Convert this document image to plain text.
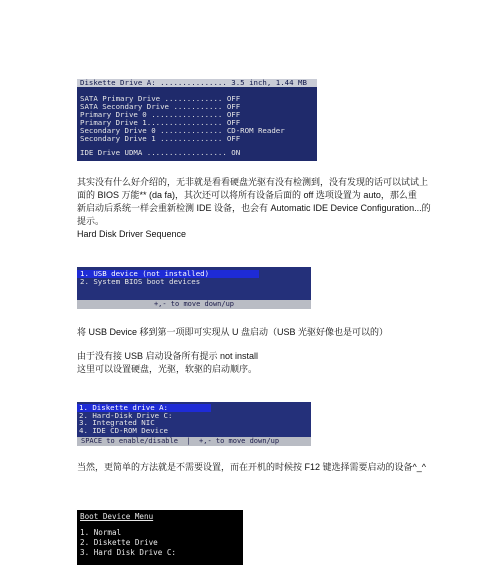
Diskette Drive A: ............... 3.5 inch, 1.44 MB
SATA Primary Drive ............. OFF
SATA Secondary Drive ........... OFF
Primary Drive 0 ................ OFF
Primary Drive 1................. OFF
Secondary Drive 0 .............. CD-ROM Reader
Secondary Drive 1 .............. OFF
IDE Drive UDMA .................. ON
其实没有什么好介绍的，无非就是看看硬盘光驱有没有检测到，没有发现的话可以试试上
面的 BIOS 万能** (da fa)，其次还可以将所有设备后面的 off 选项设置为 auto，那么重
新启动后系统一样会重新检测 IDE 设备，也会有 Automatic IDE Device Configuration...的
提示。
Hard Disk Driver Sequence
1. USB device (not installed)
2. System BIOS boot devices
+,- to move down/up
将 USB Device 移到第一项即可实现从 U 盘启动（USB 光驱好像也是可以的）
由于没有接 USB 启动设备所有提示 not install
这里可以设置硬盘，光驱，软驱的启动顺序。
1. Diskette drive A:
2. Hard-Disk Drive C:
3. Integrated NIC
4. IDE CD-ROM Device
SPACE to enable/disable  |  +,- to move down/up
当然，更简单的方法就是不需要设置，而在开机的时候按 F12 键选择需要启动的设备^_^
Boot Device Menu
1. Normal
2. Diskette Drive
3. Hard Disk Drive C:
